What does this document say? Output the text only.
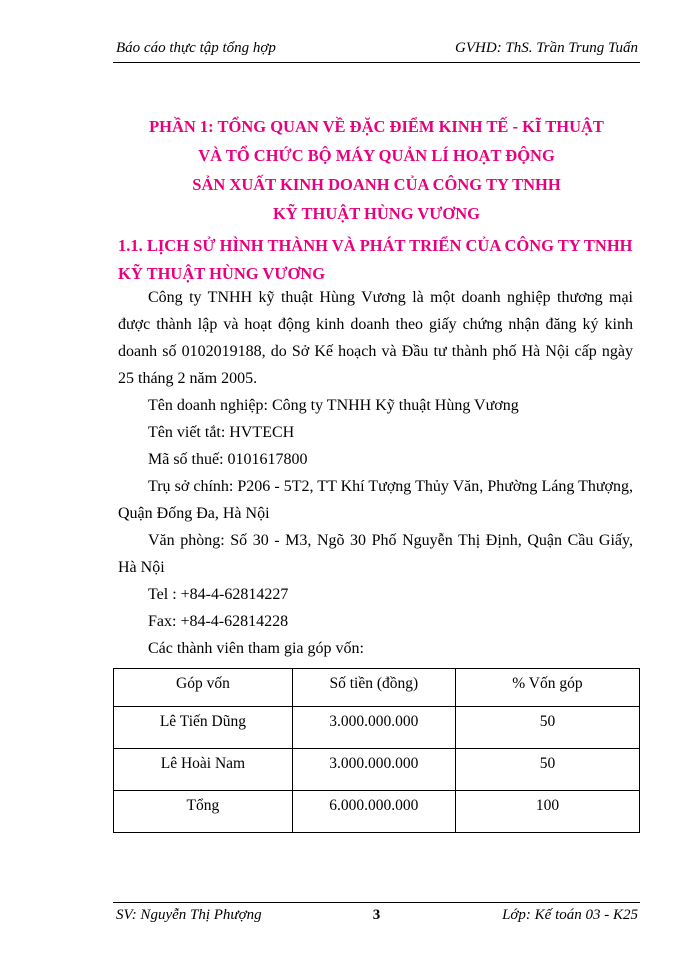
Báo cáo thực tập tổng hợp	GVHD: ThS. Trần Trung Tuấn
PHẦN 1: TỔNG QUAN VỀ ĐẶC ĐIỂM KINH TẾ - KĨ THUẬT
VÀ TỔ CHỨC BỘ MÁY QUẢN LÍ HOẠT ĐỘNG
SẢN XUẤT KINH DOANH CỦA CÔNG TY TNHH
KỸ THUẬT HÙNG VƯƠNG
1.1. LỊCH SỬ HÌNH THÀNH VÀ PHÁT TRIỂN CỦA CÔNG TY TNHH
KỸ THUẬT HÙNG VƯƠNG
Công ty TNHH kỹ thuật Hùng Vương là một doanh nghiệp thương mại được thành lập và hoạt động kinh doanh theo giấy chứng nhận đăng ký kinh doanh số 0102019188, do Sở Kế hoạch và Đầu tư thành phố Hà Nội cấp ngày 25 tháng 2 năm 2005.
Tên doanh nghiệp: Công ty TNHH Kỹ thuật Hùng Vương
Tên viết tắt: HVTECH
Mã số thuế: 0101617800
Trụ sở chính: P206 - 5T2, TT Khí Tượng Thủy Văn, Phường Láng Thượng, Quận Đống Đa, Hà Nội
Văn phòng: Số 30 - M3, Ngõ 30 Phố Nguyễn Thị Định, Quận Cầu Giấy, Hà Nội
Tel : +84-4-62814227
Fax: +84-4-62814228
Các thành viên tham gia góp vốn:
Góp vốn	Số tiền (đồng)	% Vốn góp
Lê Tiến Dũng	3.000.000.000	50
Lê Hoài Nam	3.000.000.000	50
Tổng	6.000.000.000	100
SV: Nguyễn Thị Phượng	3	Lớp: Kế toán 03 - K25
